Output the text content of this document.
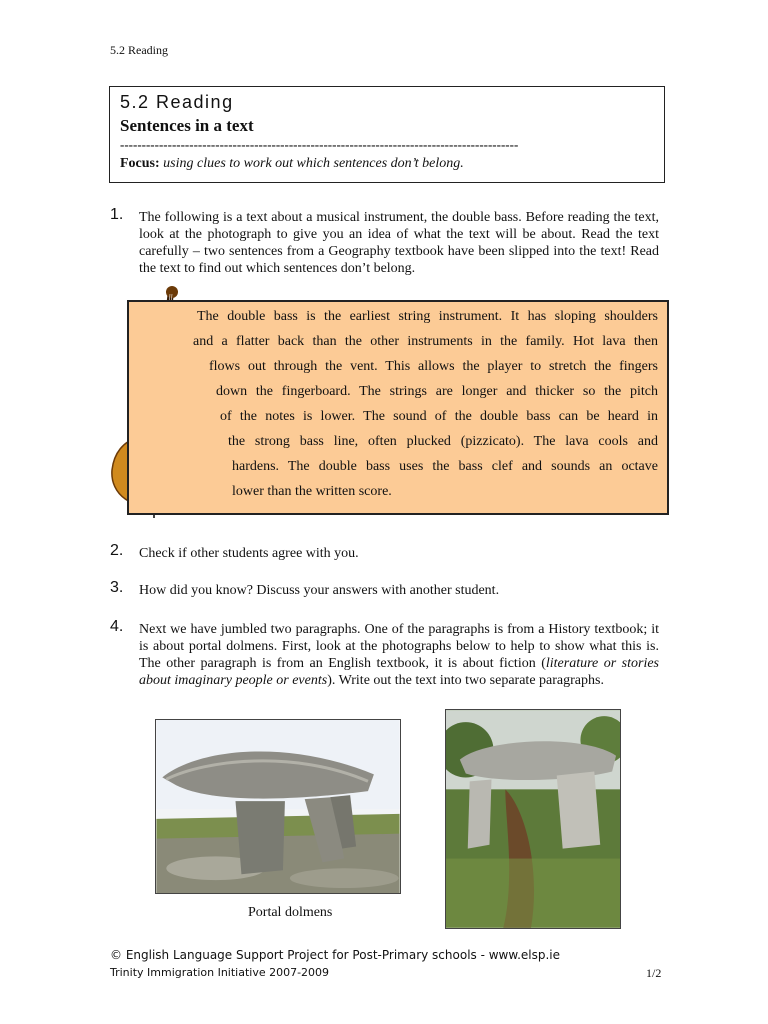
5.2 Reading
5.2 Reading
Sentences in a text
--------------------------------------------------------------------------------------------
Focus: using clues to work out which sentences don’t belong.
1. The following is a text about a musical instrument, the double bass. Before reading the text, look at the photograph to give you an idea of what the text will be about. Read the text carefully – two sentences from a Geography textbook have been slipped into the text! Read the text to find out which sentences don’t belong.
The double bass is the earliest string instrument. It has sloping shoulders
and a flatter back than the other instruments in the family. Hot lava then
flows out through the vent. This allows the player to stretch the fingers
down the fingerboard. The strings are longer and thicker so the pitch
of the notes is lower. The sound of the double bass can be heard in
the strong bass line, often plucked (pizzicato). The lava cools and
hardens. The double bass uses the bass clef and sounds an octave
lower than the written score.
2. Check if other students agree with you.
3. How did you know? Discuss your answers with another student.
4. Next we have jumbled two paragraphs. One of the paragraphs is from a History textbook; it is about portal dolmens. First, look at the photographs below to help to show what this is. The other paragraph is from an English textbook, it is about fiction (literature or stories about imaginary people or events). Write out the text into two separate paragraphs.
Portal dolmens
© English Language Support Project for Post-Primary schools - www.elsp.ie
Trinity Immigration Initiative 2007-2009	1/2
